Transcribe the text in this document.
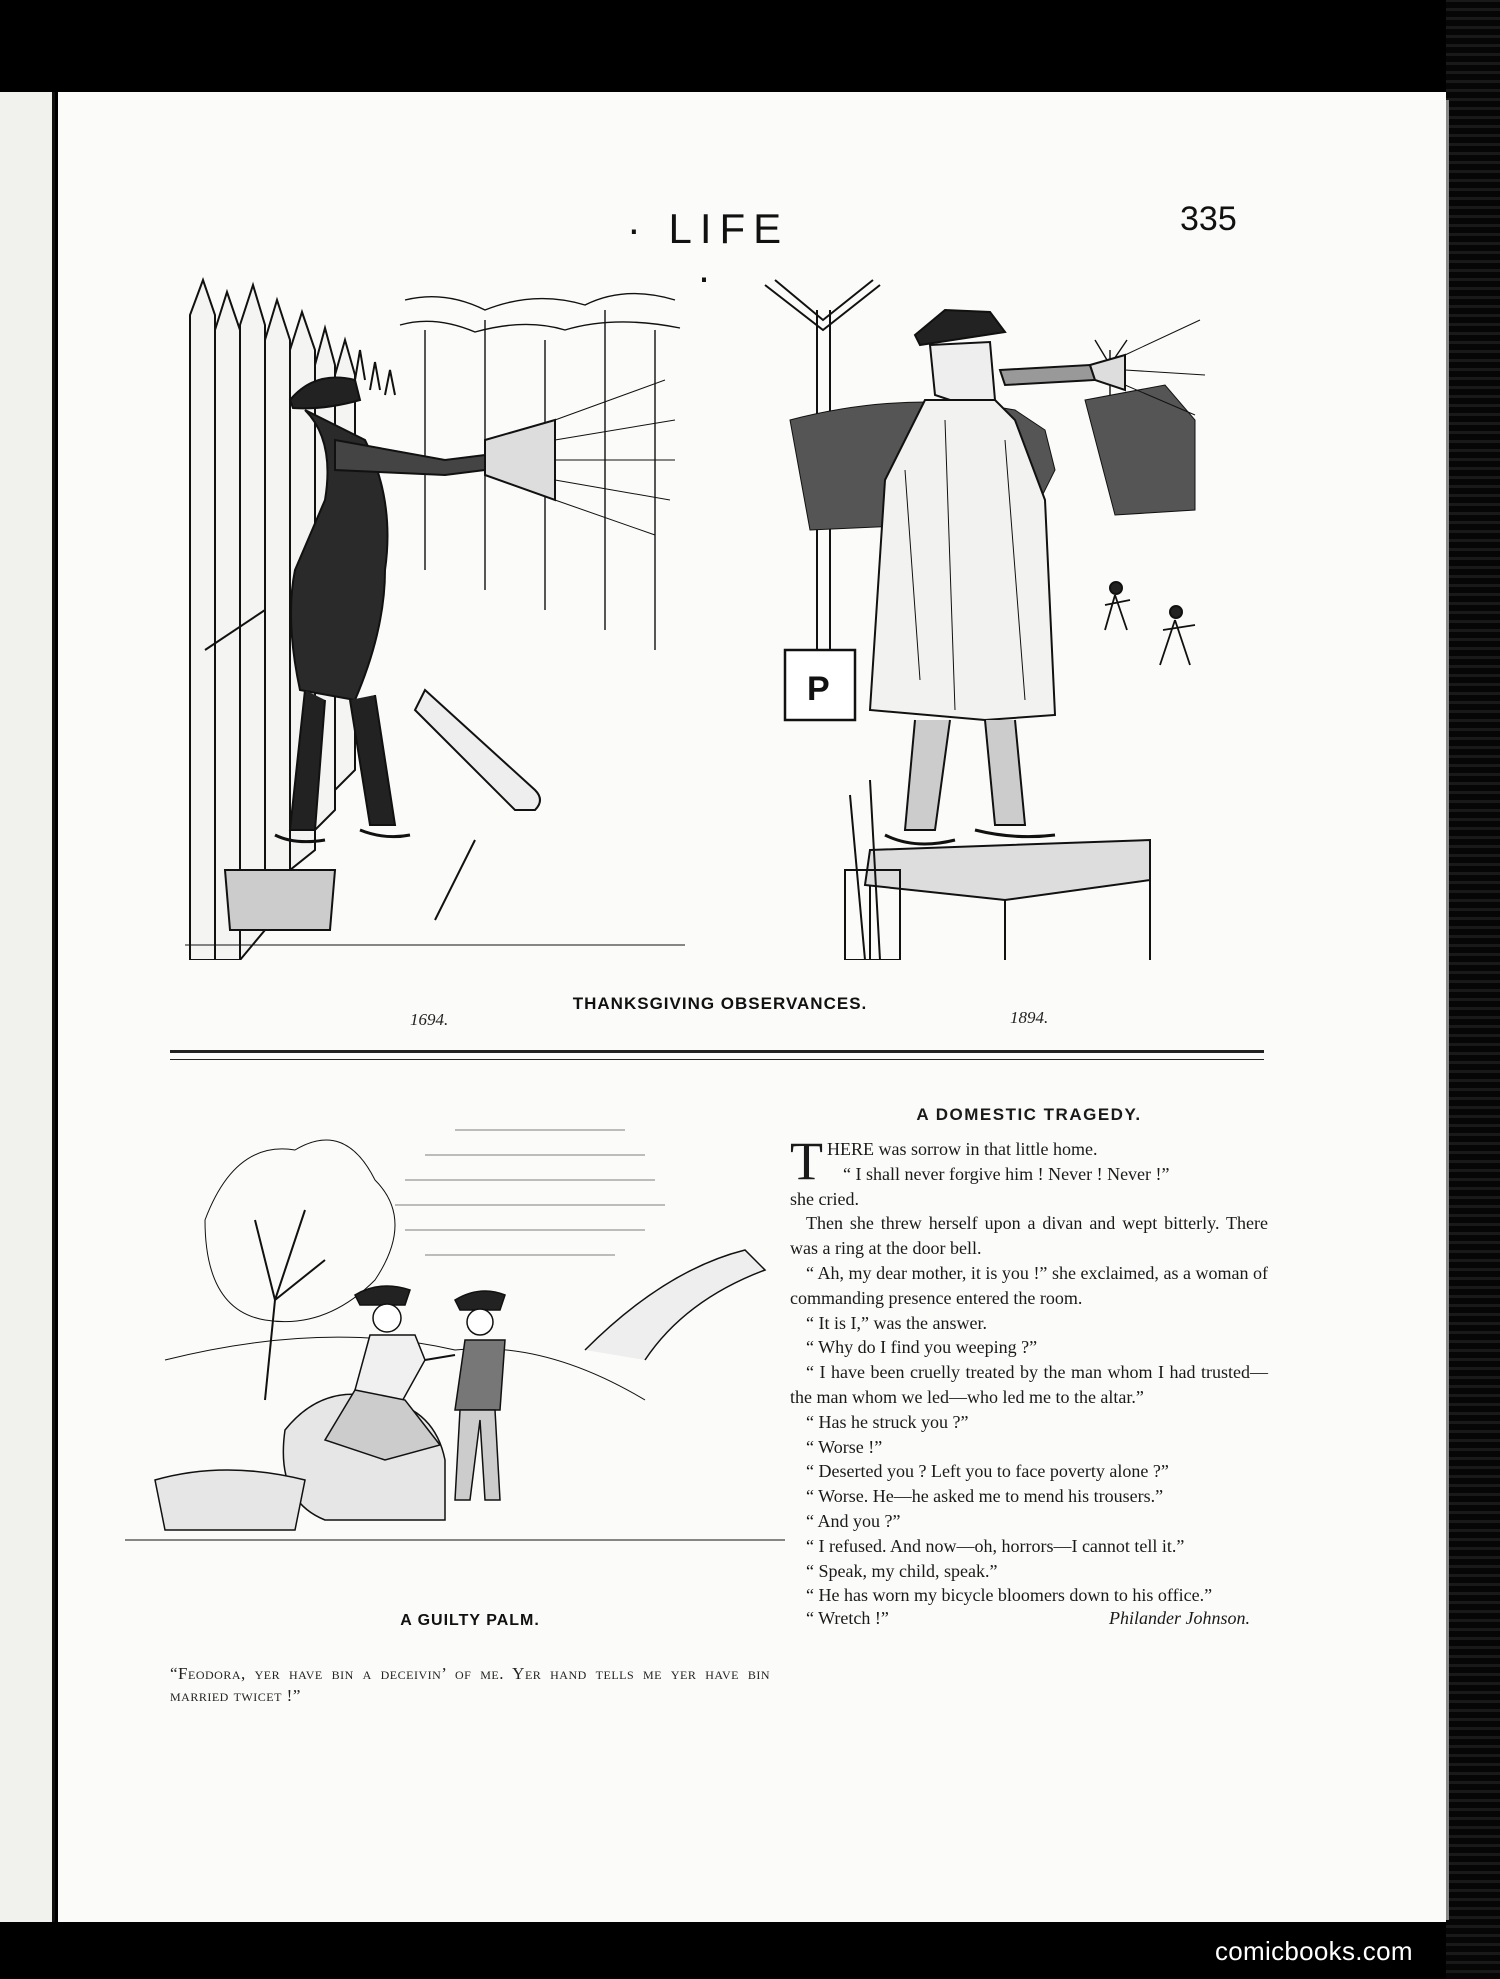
· LIFE ·
335
P
THANKSGIVING OBSERVANCES.
1694.	1894.
A GUILTY PALM.
“Feodora, yer have bin a deceivin’ of me. Yer hand tells me yer have bin married twicet !”
A DOMESTIC TRAGEDY.

THERE was sorrow in that little home.

“ I shall never forgive him ! Never ! Never !”

she cried.

Then she threw herself upon a divan and wept bitterly. There was a ring at the door bell.

“ Ah, my dear mother, it is you !” she exclaimed, as a woman of commanding presence entered the room.

“ It is I,” was the answer.

“ Why do I find you weeping ?”

“ I have been cruelly treated by the man whom I had trusted—the man whom we led—who led me to the altar.”

“ Has he struck you ?”

“ Worse !”

“ Deserted you ? Left you to face poverty alone ?”

“ Worse. He—he asked me to mend his trousers.”

“ And you ?”

“ I refused. And now—oh, horrors—I cannot tell it.”

“ Speak, my child, speak.”

“ He has worn my bicycle bloomers down to his office.”

“ Wretch !”	Philander Johnson.
comicbooks.com
